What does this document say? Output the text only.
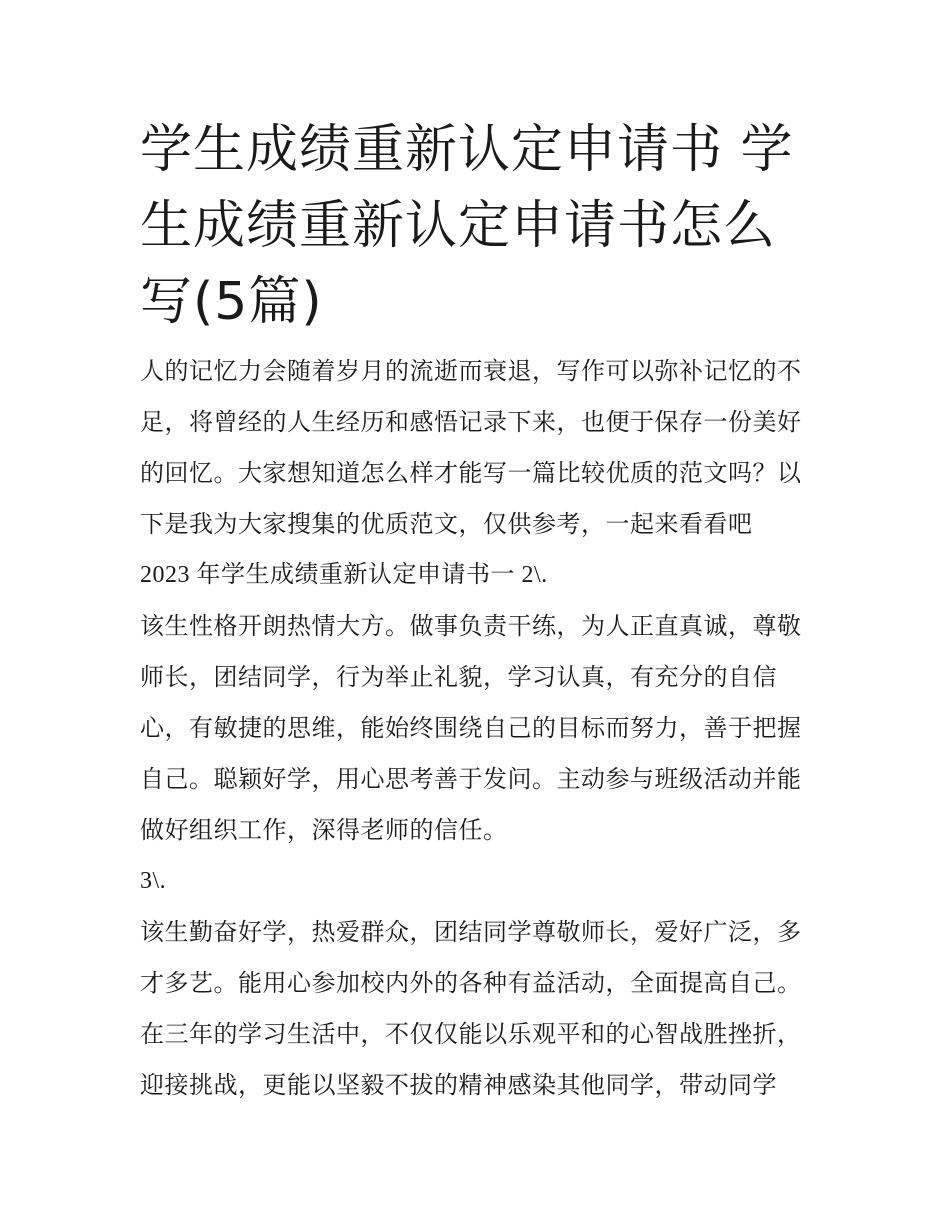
学生成绩重新认定申请书 学生成绩重新认定申请书怎么写(5篇)

人的记忆力会随着岁月的流逝而衰退，写作可以弥补记忆的不足，将曾经的人生经历和感悟记录下来，也便于保存一份美好的回忆。大家想知道怎么样才能写一篇比较优质的范文吗？以下是我为大家搜集的优质范文，仅供参考，一起来看看吧

2023 年学生成绩重新认定申请书一 2\.

该生性格开朗热情大方。做事负责干练，为人正直真诚，尊敬师长，团结同学，行为举止礼貌，学习认真，有充分的自信心，有敏捷的思维，能始终围绕自己的目标而努力，善于把握自己。聪颖好学，用心思考善于发问。主动参与班级活动并能做好组织工作，深得老师的信任。

3\.

该生勤奋好学，热爱群众，团结同学尊敬师长，爱好广泛，多才多艺。能用心参加校内外的各种有益活动，全面提高自己。在三年的学习生活中，不仅仅能以乐观平和的心智战胜挫折，迎接挑战，更能以坚毅不拔的精神感染其他同学，带动同学
